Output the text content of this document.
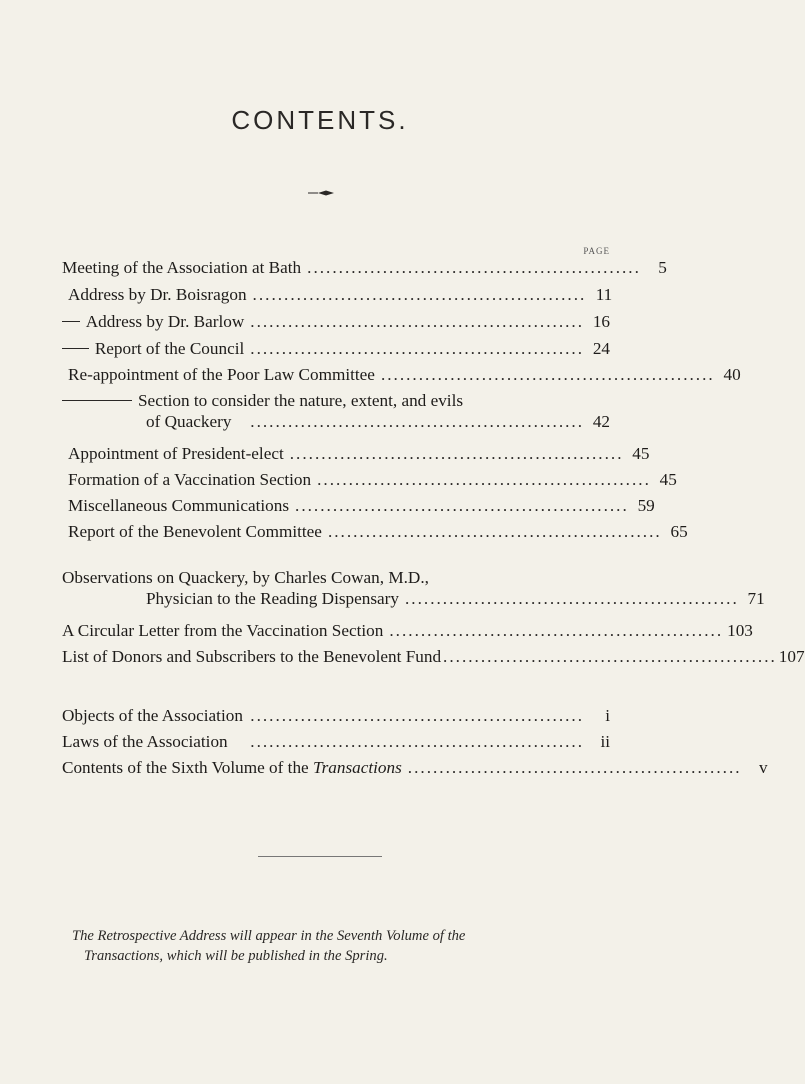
CONTENTS.
PAGE
Meeting of the Association at Bath .....................................................	5
Address by Dr. Boisragon ..................................................... 11
Address by Dr. Barlow ..................................................... 16
Report of the Council ..................................................... 24
Re-appointment of the Poor Law Committee ..................................................... 40
Section to consider the nature, extent, and evils
of Quackery	..................................................... 42
Appointment of President-elect ..................................................... 45
Formation of a Vaccination Section ..................................................... 45
Miscellaneous Communications ..................................................... 59
Report of the Benevolent Committee ..................................................... 65
Observations on Quackery, by Charles Cowan, M.D.,
Physician to the Reading Dispensary ..................................................... 71
A Circular Letter from the Vaccination Section ..................................................... 103
List of Donors and Subscribers to the Benevolent Fund ..................................................... 107
Objects of the Association .....................................................	i
Laws of the Association	..................................................... ii
Contents of the Sixth Volume of the Transactions .....................................................	v
The Retrospective Address will appear in the Seventh Volume of the
Transactions, which will be published in the Spring.
